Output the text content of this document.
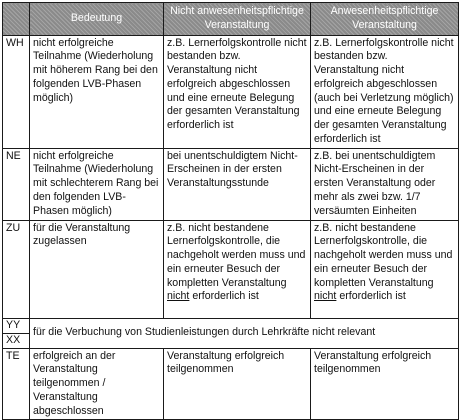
	Bedeutung	Nicht anwesenheitspflichtige Veranstaltung	Anwesenheitspflichtige Veranstaltung
WH	nicht erfolgreiche Teilnahme (Wiederholung mit höherem Rang bei den folgenden LVB-Phasen möglich)	z.B. Lernerfolgskontrolle nicht bestanden bzw. Veranstaltung nicht erfolgreich abgeschlossen und eine erneute Belegung der gesamten Veranstaltung erforderlich ist	z.B. Lernerfolgskontrolle nicht bestanden bzw. Veranstaltung nicht erfolgreich abgeschlossen (auch bei Verletzung möglich) und eine erneute Belegung der gesamten Veranstaltung erforderlich ist
NE	nicht erfolgreiche Teilnahme (Wiederholung mit schlechterem Rang bei den folgenden LVB-Phasen möglich)	bei unentschuldigtem Nicht-Erscheinen in der ersten Veranstaltungsstunde	z.B. bei unentschuldigtem Nicht-Erscheinen in der ersten Veranstaltung oder mehr als zwei bzw. 1/7 versäumten Einheiten
ZU	für die Veranstaltung zugelassen	z.B. nicht bestandene Lernerfolgskontrolle, die nachgeholt werden muss und ein erneuter Besuch der kompletten Veranstaltung nicht erforderlich ist	z.B. nicht bestandene Lernerfolgskontrolle, die nachgeholt werden muss und ein erneuter Besuch der kompletten Veranstaltung nicht erforderlich ist
YY	für die Verbuchung von Studienleistungen durch Lehrkräfte nicht relevant		
XX			
TE	erfolgreich an der Veranstaltung teilgenommen / Veranstaltung abgeschlossen	Veranstaltung erfolgreich teilgenommen	Veranstaltung erfolgreich teilgenommen
